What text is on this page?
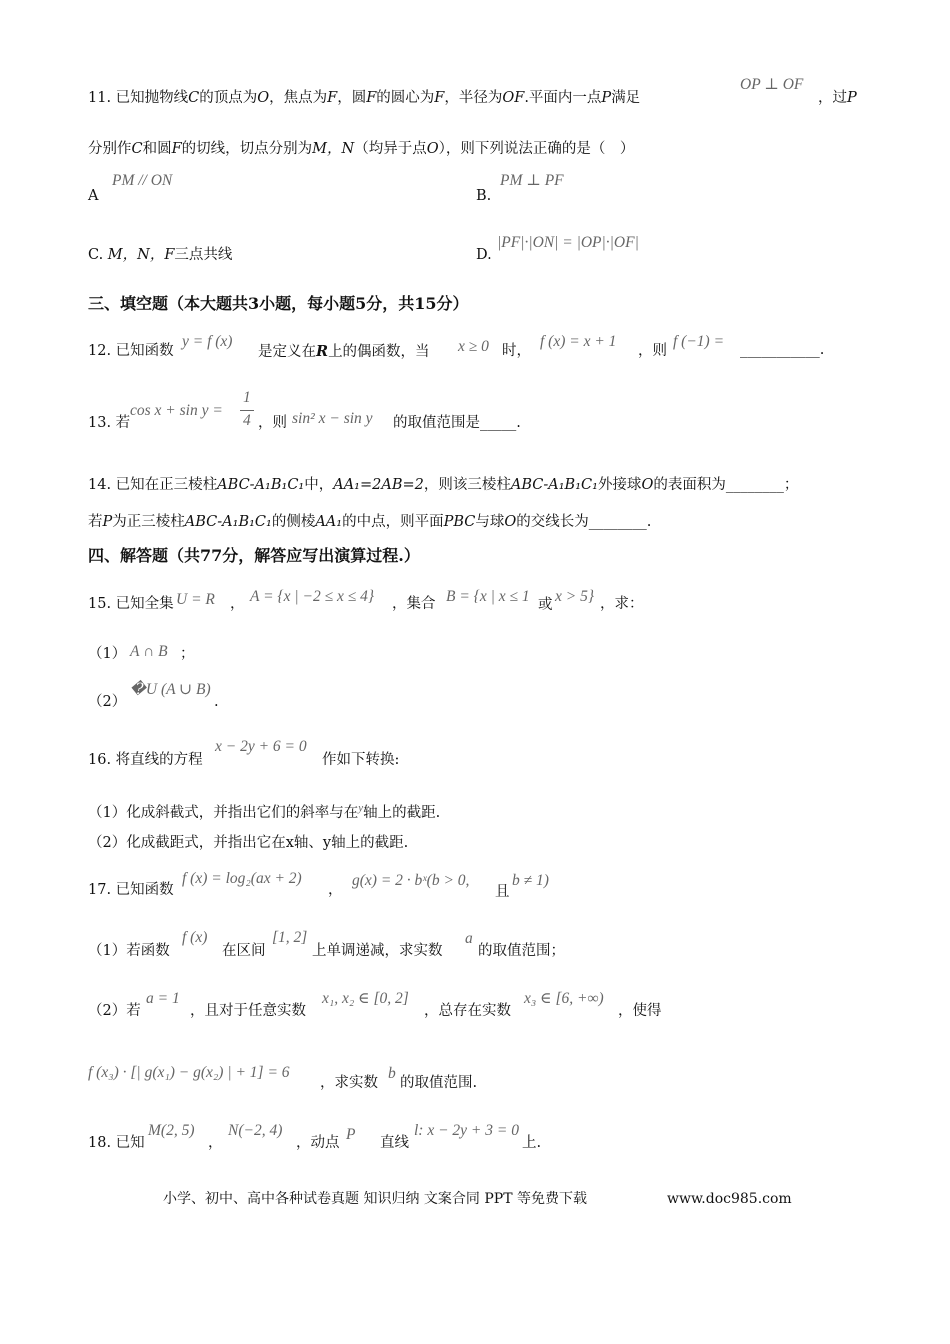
11. 已知抛物线C的顶点为O，焦点为F，圆F的圆心为F，半径为OF.平面内一点P满足
OP ⊥ OF
，过P
分别作C和圆F的切线，切点分别为M，N（均异于点O），则下列说法正确的是（　）
A
PM // ON
B.
PM ⊥ PF
C. M，N，F三点共线	D.
|PF|·|ON| = |OP|·|OF|
三、填空题（本大题共3小题，每小题5分，共15分）
12. 已知函数
y = f (x)
是定义在R上的偶函数，当 x ≥ 0 时，
f (x) = x + 1
，则
f (−1) = ___________.
13. 若
cos x + sin y =
1
4 ，则 sin² x − sin y 的取值范围是_____.
14. 已知在正三棱柱ABC-A₁B₁C₁中，AA₁=2AB=2，则该三棱柱ABC-A₁B₁C₁外接球O的表面积为________；
若P为正三棱柱ABC-A₁B₁C₁的侧棱AA₁的中点，则平面PBC与球O的交线长为________.
四、解答题（共77分，解答应写出演算过程.）
15. 已知全集 U = R ， A = {x | −2 ≤ x ≤ 4} ，集合 B = {x | x ≤ 1 或 x > 5} ，求：
（1） A ∩ B ；
（2）
�U (A ∪ B)
.
16. 将直线的方程
x − 2y + 6 = 0
作如下转换:
（1）化成斜截式，并指出它们的斜率与在$^y$轴上的截距.
（2）化成截距式，并指出它在x轴、y轴上的截距.
17. 已知函数
f (x) = log₂(ax + 2)
，
g(x) = 2 · bˣ(b > 0,
且
b ≠ 1)
（1）若函数
f (x)
在区间
[1, 2]
上单调递减，求实数
a
的取值范围；
（2）若
a = 1
，且对于任意实数
x₁, x₂ ∈ [0, 2]
，总存在实数
x₃ ∈ [6, +∞)
，使得
f (x₃) · [| g(x₁) − g(x₂) | + 1] = 6
，求实数
b
的取值范围.
18. 已知
M(2, 5)
，
N(−2, 4)
，动点 P 直线
l: x − 2y + 3 = 0
上.
小学、初中、高中各种试卷真题 知识归纳 文案合同 PPT 等免费下载	www.doc985.com
